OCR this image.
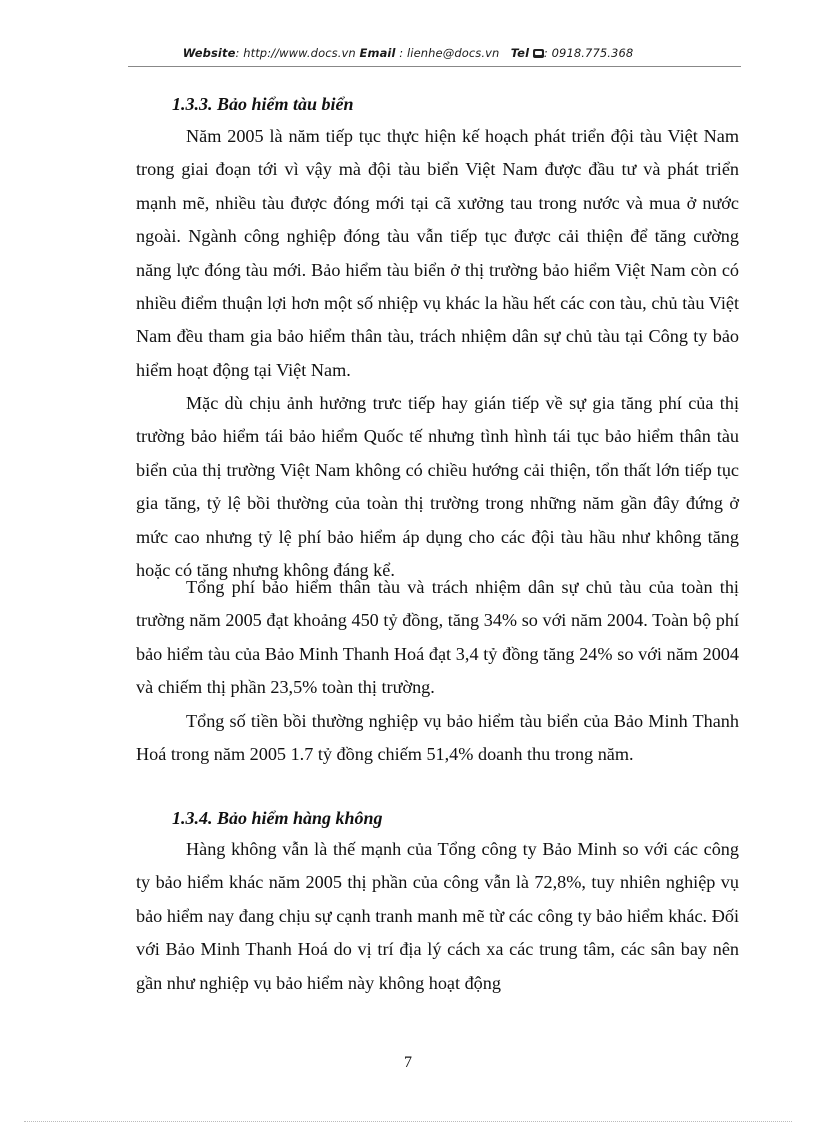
Website: http://www.docs.vn Email : lienhe@docs.vn Tel : 0918.775.368
1.3.3. Bảo hiểm tàu biển

Năm 2005 là năm tiếp tục thực hiện kế hoạch phát triển đội tàu Việt Nam trong giai đoạn tới vì vậy mà đội tàu biển Việt Nam được đầu tư và phát triển mạnh mẽ, nhiều tàu được đóng mới tại cã xưởng tau trong nước và mua ở nước ngoài. Ngành công nghiệp đóng tàu vẫn tiếp tục được cải thiện để tăng cường năng lực đóng tàu mới. Bảo hiểm tàu biển ở thị trường bảo hiểm Việt Nam còn có nhiều điểm thuận lợi hơn một số nhiệp vụ khác la hầu hết các con tàu, chủ tàu Việt Nam đều tham gia bảo hiểm thân tàu, trách nhiệm dân sự chủ tàu tại Công ty bảo hiểm hoạt động tại Việt Nam.

Mặc dù chịu ảnh hưởng trưc tiếp hay gián tiếp về sự gia tăng phí của thị trường bảo hiểm tái bảo hiểm Quốc tế nhưng tình hình tái tục bảo hiểm thân tàu biển của thị trường Việt Nam không có chiều hướng cải thiện, tổn thất lớn tiếp tục gia tăng, tỷ lệ bồi thường của toàn thị trường trong những năm gần đây đứng ở mức cao nhưng tỷ lệ phí bảo hiểm áp dụng cho các đội tàu hầu như không tăng hoặc có tăng nhưng không đáng kể.

Tổng phí bảo hiểm thân tàu và trách nhiệm dân sự chủ tàu của toàn thị trường năm 2005 đạt khoảng 450 tỷ đồng, tăng 34% so với năm 2004. Toàn bộ phí bảo hiểm tàu của Bảo Minh Thanh Hoá đạt 3,4 tỷ đồng tăng 24% so với năm 2004 và chiếm thị phần 23,5% toàn thị trường.

Tổng số tiền bồi thường nghiệp vụ bảo hiểm tàu biển của Bảo Minh Thanh Hoá trong năm 2005 1.7 tỷ đồng chiếm 51,4% doanh thu trong năm.

1.3.4. Bảo hiểm hàng không

Hàng không vẫn là thế mạnh của Tổng công ty Bảo Minh so với các công ty bảo hiểm khác năm 2005 thị phần của công vẫn là 72,8%, tuy nhiên nghiệp vụ bảo hiểm nay đang chịu sự cạnh tranh manh mẽ từ các công ty bảo hiểm khác. Đối với Bảo Minh Thanh Hoá do vị trí địa lý cách xa các trung tâm, các sân bay nên gần như nghiệp vụ bảo hiểm này không hoạt động

7
